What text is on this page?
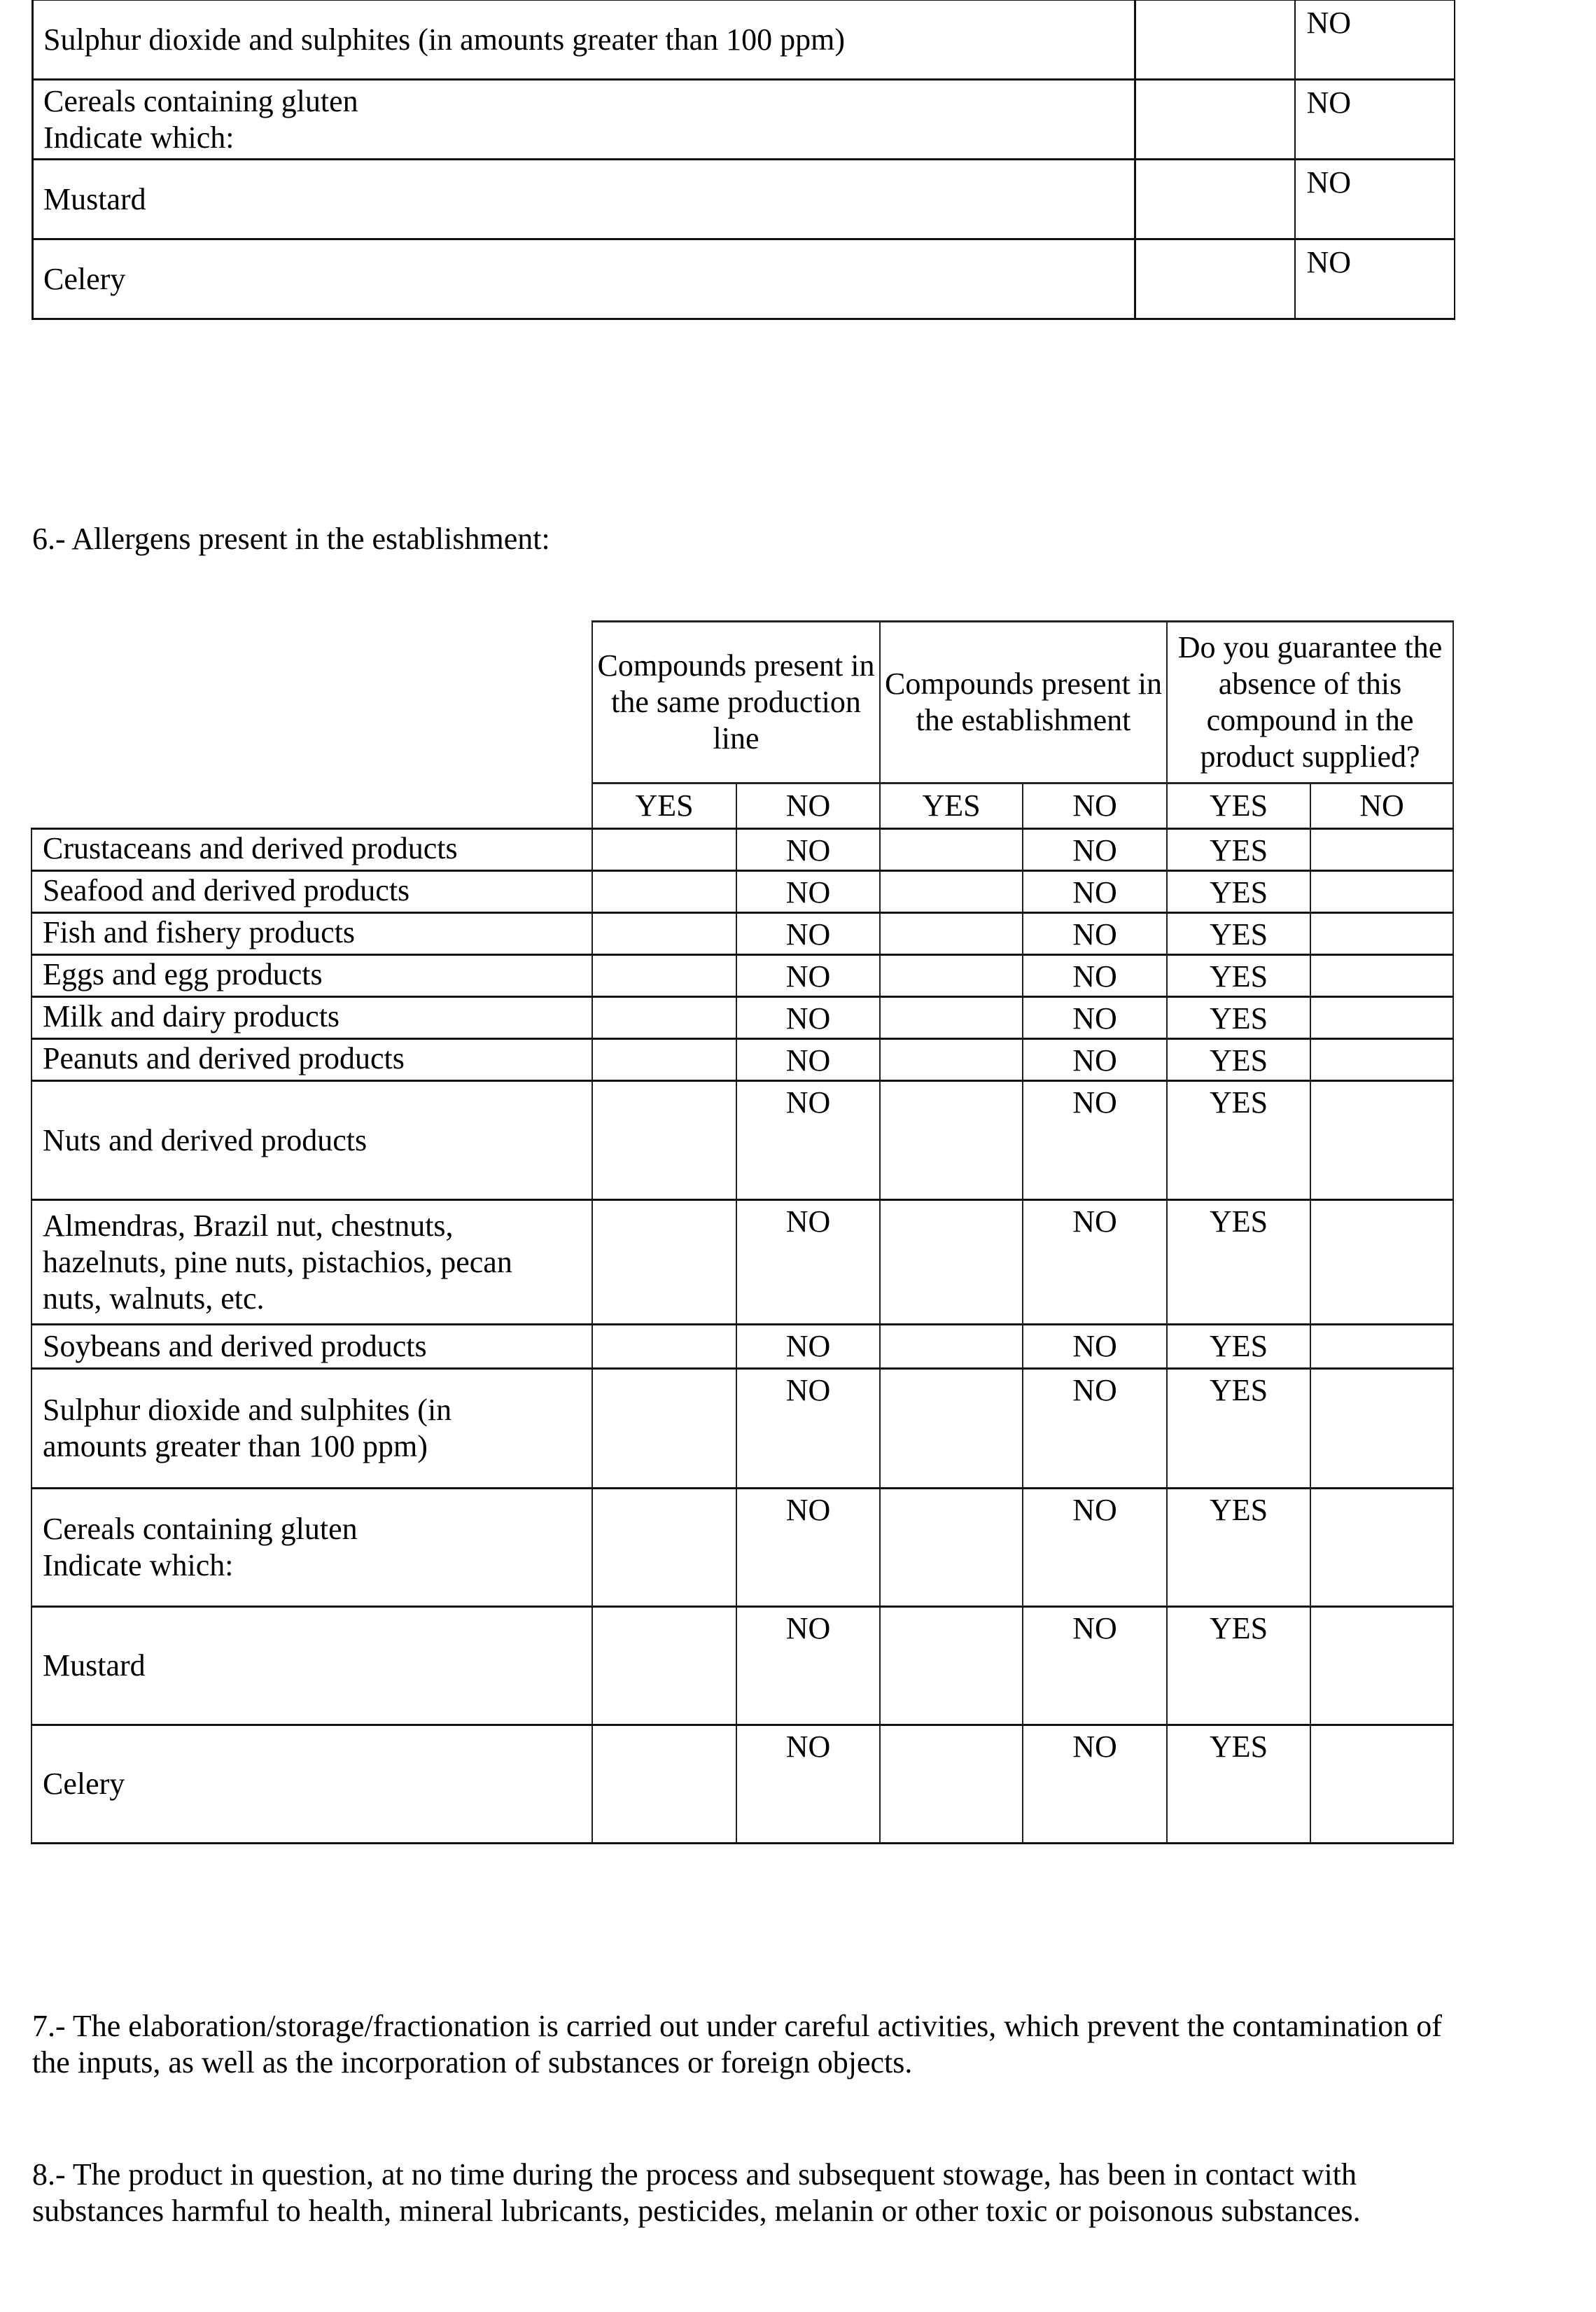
Sulphur dioxide and sulphites (in amounts greater than 100 ppm)		NO

Cereals containing gluten
Indicate which:		NO
Mustard		NO
Celery		NO
6.- Allergens present in the establishment:
	Compounds present in the same production line		Compounds present in the establishment		Do you guarantee the absence of this compound in the product supplied?	
	YES	NO	YES	NO	YES	NO
Crustaceans and derived products		NO		NO	YES	
Seafood and derived products		NO		NO	YES	
Fish and fishery products		NO		NO	YES	
Eggs and egg products		NO		NO	YES	
Milk and dairy products		NO		NO	YES	
Peanuts and derived products		NO		NO	YES	
Nuts and derived products		NO		NO	YES	

Almendras, Brazil nut, chestnuts,
hazelnuts, pine nuts, pistachios, pecan
nuts, walnuts, etc.		NO		NO	YES	
Soybeans and derived products		NO		NO	YES	

Sulphur dioxide and sulphites (in
amounts greater than 100 ppm)		NO		NO	YES	

Cereals containing gluten
Indicate which:		NO		NO	YES	
Mustard		NO		NO	YES	
Celery		NO		NO	YES	

7.- The elaboration/storage/fractionation is carried out under careful activities, which prevent the contamination of
the inputs, as well as the incorporation of substances or foreign objects.

8.- The product in question, at no time during the process and subsequent stowage, has been in contact with
substances harmful to health, mineral lubricants, pesticides, melanin or other toxic or poisonous substances.
